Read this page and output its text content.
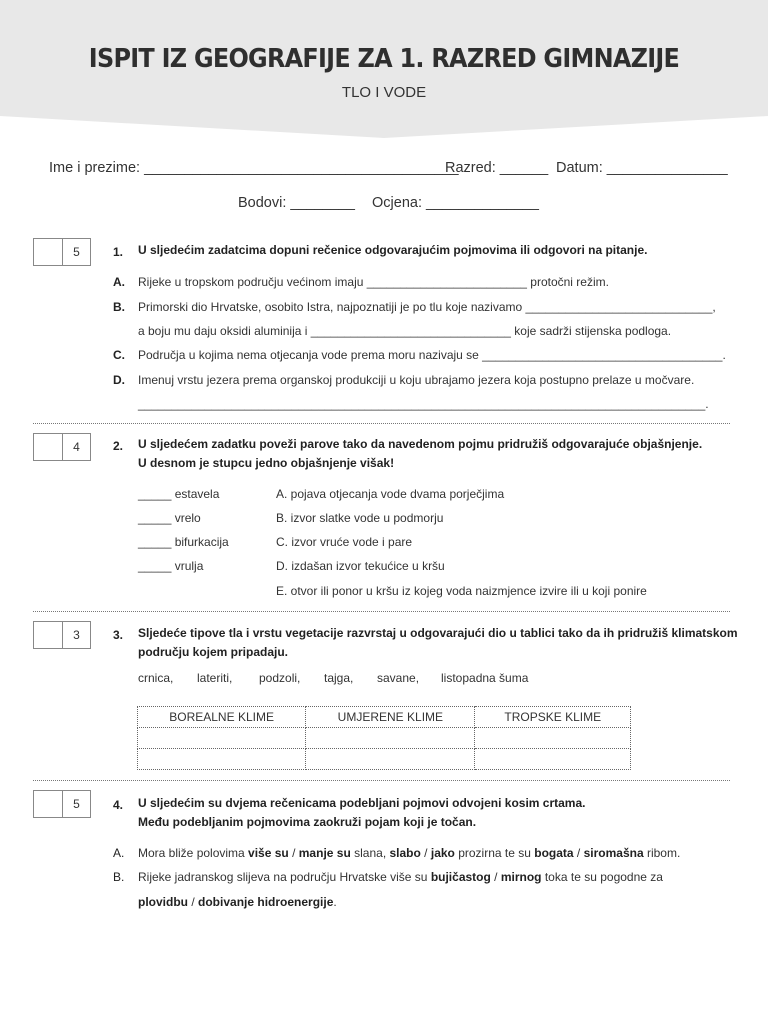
ISPIT IZ GEOGRAFIJE ZA 1. RAZRED GIMNAZIJE
TLO I VODE
Ime i prezime: _______________________________________
Razred: ______ Datum: _______________
Bodovi: ________ Ocjena: ______________
5	1. U sljedećim zadatcima dopuni rečenice odgovarajućim pojmovima ili odgovori na pitanje.
A. Rijeke u tropskom području većinom imaju ________________________ protočni režim.
B. Primorski dio Hrvatske, osobito Istra, najpoznatiji je po tlu koje nazivamo ____________________________,
a boju mu daju oksidi aluminija i ______________________________ koje sadrži stijenska podloga.
C. Područja u kojima nema otjecanja vode prema moru nazivaju se ____________________________________.
D. Imenuj vrstu jezera prema organskoj produkciji u koju ubrajamo jezera koja postupno prelaze u močvare.
_____________________________________________________________________________________.
4	2. U sljedećem zadatku poveži parove tako da navedenom pojmu pridružiš odgovarajuće objašnjenje.
U desnom je stupcu jedno objašnjenje višak!
_____ estavela
_____ vrelo
_____ bifurkacija
_____ vrulja
A. pojava otjecanja vode dvama porječjima
B. izvor slatke vode u podmorju
C. izvor vruće vode i pare
D. izdašan izvor tekućice u kršu
E. otvor ili ponor u kršu iz kojeg voda naizmjence izvire ili u koji ponire
3	3. Sljedeće tipove tla i vrstu vegetacije razvrstaj u odgovarajući dio u tablici tako da ih pridružiš klimatskom
području kojem pripadaju.
crnica, lateriti, podzoli, tajga, savane, listopadna šuma
BOREALNE KLIME	UMJERENE KLIME	TROPSKE KLIME

5	4. U sljedećim su dvjema rečenicama podebljani pojmovi odvojeni kosim crtama.
Među podebljanim pojmovima zaokruži pojam koji je točan.
A. Mora bliže polovima više su / manje su slana, slabo / jako prozirna te su bogata / siromašna ribom.
B. Rijeke jadranskog slijeva na području Hrvatske više su bujičastog / mirnog toka te su pogodne za
plovidbu / dobivanje hidroenergije.
